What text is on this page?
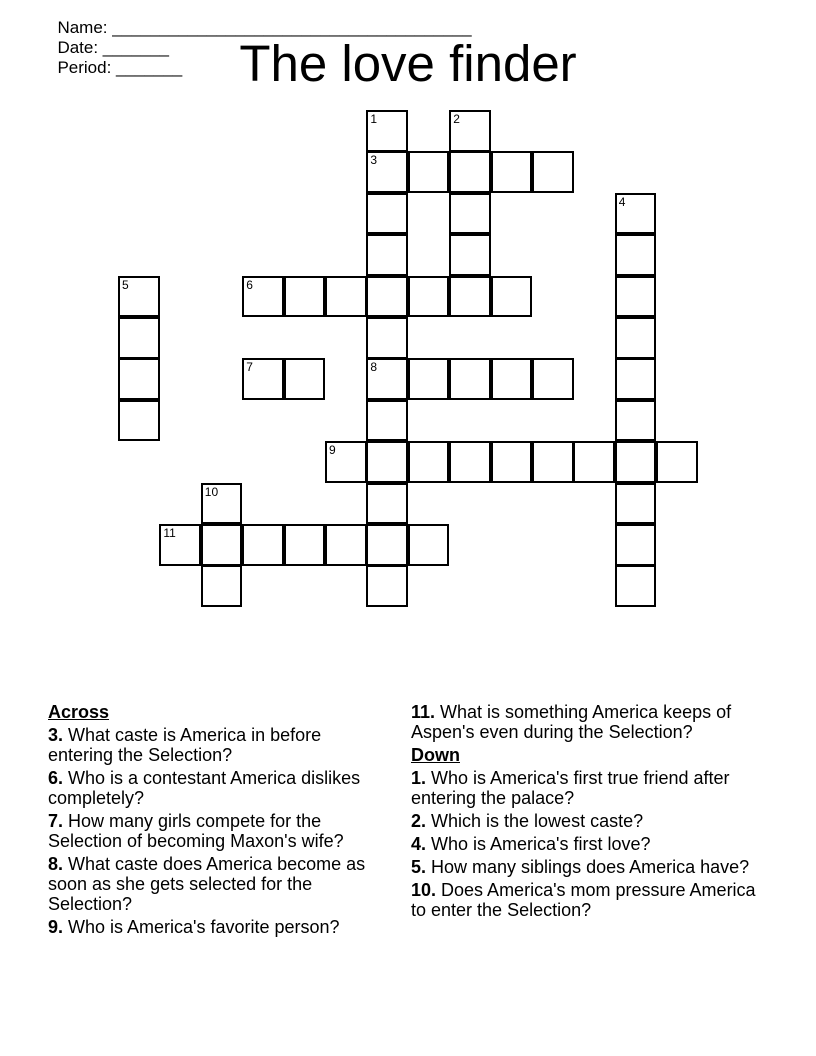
Name: ______________________________________
Date: _______
Period: _______	The love finder
1	2
3
4
5	6
7	8
9
10
11
Across
3. What caste is America in before entering the Selection?
6. Who is a contestant America dislikes completely?
7. How many girls compete for the Selection of becoming Maxon's wife?
8. What caste does America become as soon as she gets selected for the Selection?
9. Who is America's favorite person?
11. What is something America keeps of Aspen's even during the Selection?
Down
1. Who is America's first true friend after entering the palace?
2. Which is the lowest caste?
4. Who is America's first love?
5. How many siblings does America have?
10. Does America's mom pressure America to enter the Selection?
